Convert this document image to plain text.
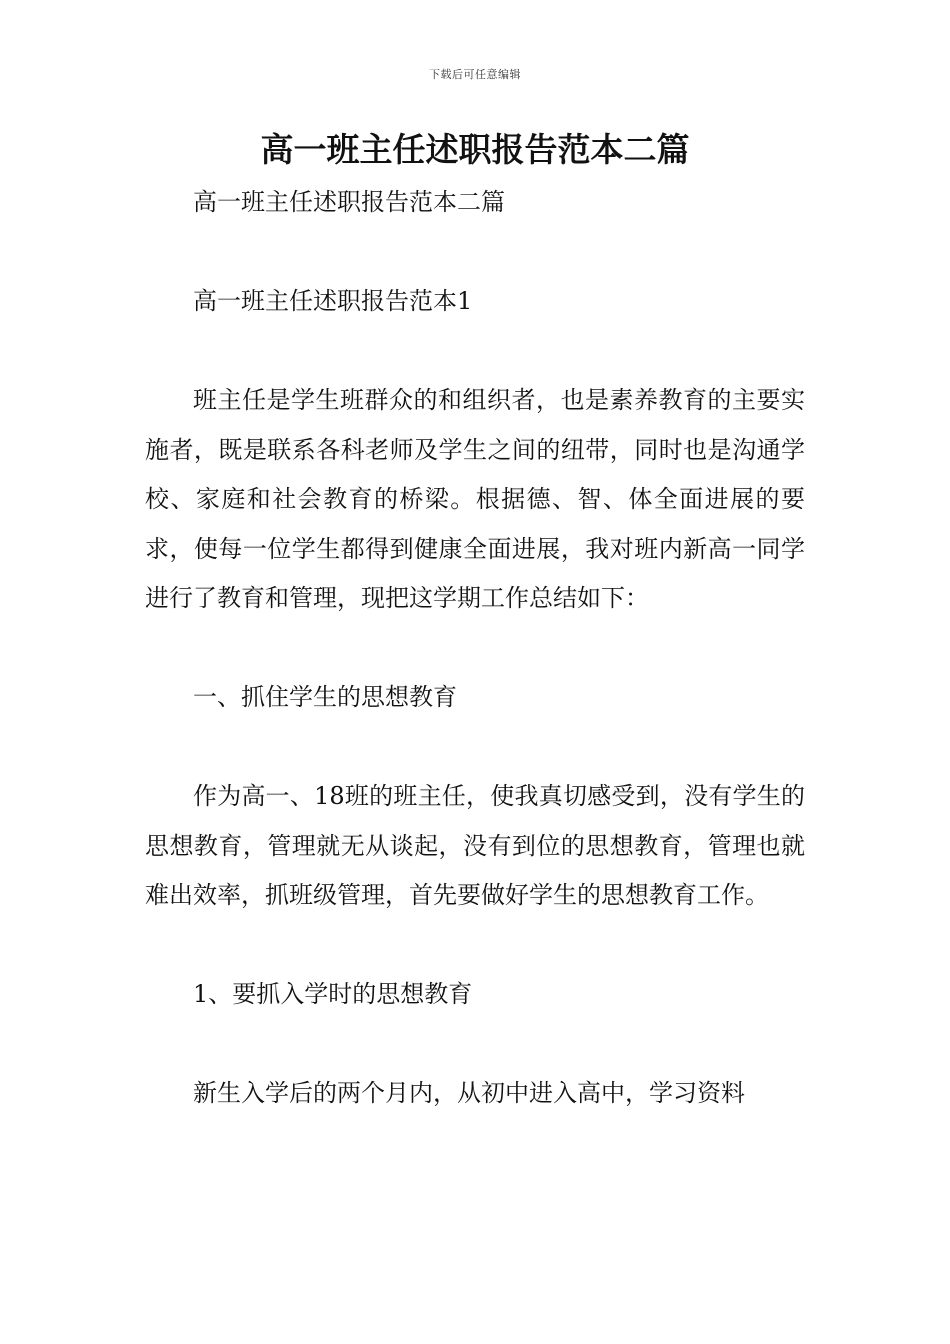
下载后可任意编辑
高一班主任述职报告范本二篇

高一班主任述职报告范本二篇

高一班主任述职报告范本1

班主任是学生班群众的和组织者，也是素养教育的主要实施者，既是联系各科老师及学生之间的纽带，同时也是沟通学校、家庭和社会教育的桥梁。根据德、智、体全面进展的要求，使每一位学生都得到健康全面进展，我对班内新高一同学进行了教育和管理，现把这学期工作总结如下：

一、抓住学生的思想教育

作为高一、18班的班主任，使我真切感受到，没有学生的思想教育，管理就无从谈起，没有到位的思想教育，管理也就难出效率，抓班级管理，首先要做好学生的思想教育工作。

1、要抓入学时的思想教育

新生入学后的两个月内，从初中进入高中，学习资料
